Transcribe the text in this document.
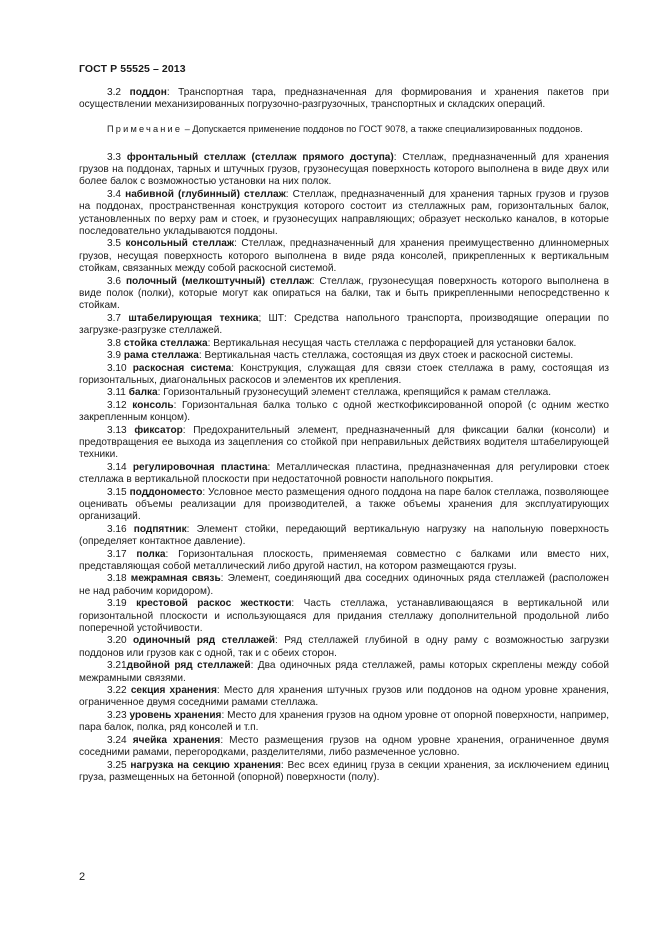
ГОСТ Р 55525 – 2013

3.2 поддон: Транспортная тара, предназначенная для формирования и хранения пакетов при осуществлении механизированных погрузочно-разгрузочных, транспортных и складских операций.

Примечание – Допускается применение поддонов по ГОСТ 9078, а также специализированных поддонов.

3.3 фронтальный стеллаж (стеллаж прямого доступа): Стеллаж, предназначенный для хранения грузов на поддонах, тарных и штучных грузов, грузонесущая поверхность которого выполнена в виде двух или более балок с возможностью установки на них полок.

3.4 набивной (глубинный) стеллаж: Стеллаж, предназначенный для хранения тарных грузов и грузов на поддонах, пространственная конструкция которого состоит из стеллажных рам, горизонтальных балок, установленных по верху рам и стоек, и грузонесущих направляющих; образует несколько каналов, в которые последовательно укладываются поддоны.

3.5 консольный стеллаж: Стеллаж, предназначенный для хранения преимущественно длинномерных грузов, несущая поверхность которого выполнена в виде ряда консолей, прикрепленных к вертикальным стойкам, связанных между собой раскосной системой.

3.6 полочный (мелкоштучный) стеллаж: Стеллаж, грузонесущая поверхность которого выполнена в виде полок (полки), которые могут как опираться на балки, так и быть прикрепленными непосредственно к стойкам.

3.7 штабелирующая техника; ШТ: Средства напольного транспорта, производящие операции по загрузке-разгрузке стеллажей.

3.8 стойка стеллажа: Вертикальная несущая часть стеллажа с перфорацией для установки балок.

3.9 рама стеллажа: Вертикальная часть стеллажа, состоящая из двух стоек и раскосной системы.

3.10 раскосная система: Конструкция, служащая для связи стоек стеллажа в раму, состоящая из горизонтальных, диагональных раскосов и элементов их крепления.

3.11 балка: Горизонтальный грузонесущий элемент стеллажа, крепящийся к рамам стеллажа.

3.12 консоль: Горизонтальная балка только с одной жесткофиксированной опорой (с одним жестко закрепленным концом).

3.13 фиксатор: Предохранительный элемент, предназначенный для фиксации балки (консоли) и предотвращения ее выхода из зацепления со стойкой при неправильных действиях водителя штабелирующей техники.

3.14 регулировочная пластина: Металлическая пластина, предназначенная для регулировки стоек стеллажа в вертикальной плоскости при недостаточной ровности напольного покрытия.

3.15 поддономесто: Условное место размещения одного поддона на паре балок стеллажа, позволяющее оценивать объемы реализации для производителей, а также объемы хранения для эксплуатирующих организаций.

3.16 подпятник: Элемент стойки, передающий вертикальную нагрузку на напольную поверхность (определяет контактное давление).

3.17 полка: Горизонтальная плоскость, применяемая совместно с балками или вместо них, представляющая собой металлический либо другой настил, на котором размещаются грузы.

3.18 межрамная связь: Элемент, соединяющий два соседних одиночных ряда стеллажей (расположен не над рабочим коридором).

3.19 крестовой раскос жесткости: Часть стеллажа, устанавливающаяся в вертикальной или горизонтальной плоскости и использующаяся для придания стеллажу дополнительной продольной либо поперечной устойчивости.

3.20 одиночный ряд стеллажей: Ряд стеллажей глубиной в одну раму с возможностью загрузки поддонов или грузов как с одной, так и с обеих сторон.

3.21двойной ряд стеллажей: Два одиночных ряда стеллажей, рамы которых скреплены между собой межрамными связями.

3.22 секция хранения: Место для хранения штучных грузов или поддонов на одном уровне хранения, ограниченное двумя соседними рамами стеллажа.

3.23 уровень хранения: Место для хранения грузов на одном уровне от опорной поверхности, например, пара балок, полка, ряд консолей и т.п.

3.24 ячейка хранения: Место размещения грузов на одном уровне хранения, ограниченное двумя соседними рамами, перегородками, разделителями, либо размеченное условно.

3.25 нагрузка на секцию хранения: Вес всех единиц груза в секции хранения, за исключением единиц груза, размещенных на бетонной (опорной) поверхности (полу).

2
